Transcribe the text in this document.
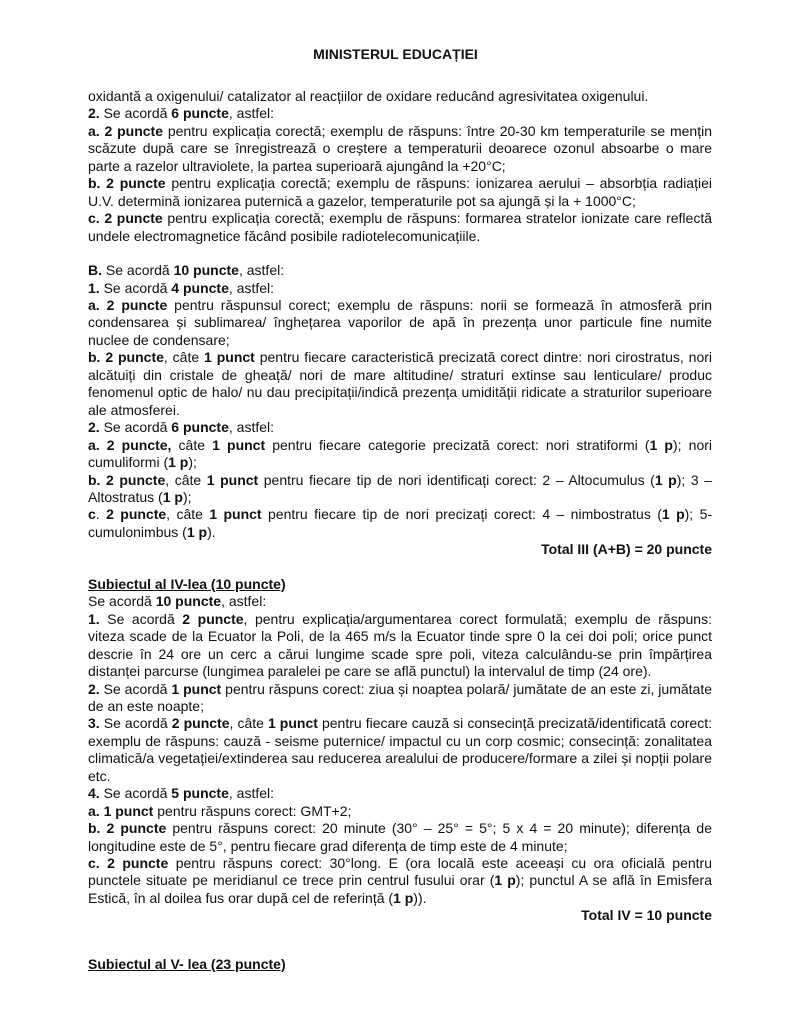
MINISTERUL EDUCAȚIEI
oxidantă a oxigenului/ catalizator al reacțiilor de oxidare reducând agresivitatea oxigenului.
2. Se acordă 6 puncte, astfel:
a. 2 puncte pentru explicația corectă; exemplu de răspuns: între 20-30 km temperaturile se mențin scăzute după care se înregistrează o creștere a temperaturii deoarece ozonul absoarbe o mare parte a razelor ultraviolete, la partea superioară ajungând la +20°C;
b. 2 puncte pentru explicația corectă; exemplu de răspuns: ionizarea aerului – absorbția radiației U.V. determină ionizarea puternică a gazelor, temperaturile pot sa ajungă și la + 1000°C;
c. 2 puncte pentru explicația corectă; exemplu de răspuns: formarea stratelor ionizate care reflectă undele electromagnetice făcând posibile radiotelecomunicațiile.
B. Se acordă 10 puncte, astfel:
1. Se acordă 4 puncte, astfel:
a. 2 puncte pentru răspunsul corect; exemplu de răspuns: norii se formează în atmosferă prin condensarea și sublimarea/ înghețarea vaporilor de apă în prezența unor particule fine numite nuclee de condensare;
b. 2 puncte, câte 1 punct pentru fiecare caracteristică precizată corect dintre: nori cirostratus, nori alcătuiți din cristale de gheață/ nori de mare altitudine/ straturi extinse sau lenticulare/ produc fenomenul optic de halo/ nu dau precipitații/indică prezența umidității ridicate a straturilor superioare ale atmosferei.
2. Se acordă 6 puncte, astfel:
a. 2 puncte, câte 1 punct pentru fiecare categorie precizată corect: nori stratiformi (1 p); nori cumuliformi (1 p);
b. 2 puncte, câte 1 punct pentru fiecare tip de nori identificați corect: 2 – Altocumulus (1 p); 3 – Altostratus (1 p);
c. 2 puncte, câte 1 punct pentru fiecare tip de nori precizați corect: 4 – nimbostratus (1 p); 5-cumulonimbus (1 p).
Total III (A+B) = 20 puncte
Subiectul al IV-lea (10 puncte)
Se acordă 10 puncte, astfel:
1. Se acordă 2 puncte, pentru explicația/argumentarea corect formulată; exemplu de răspuns: viteza scade de la Ecuator la Poli, de la 465 m/s la Ecuator tinde spre 0 la cei doi poli; orice punct descrie în 24 ore un cerc a cărui lungime scade spre poli, viteza calculându-se prin împărțirea distanței parcurse (lungimea paralelei pe care se află punctul) la intervalul de timp (24 ore).
2. Se acordă 1 punct pentru răspuns corect: ziua și noaptea polară/ jumătate de an este zi, jumătate de an este noapte;
3. Se acordă 2 puncte, câte 1 punct pentru fiecare cauză si consecință precizată/identificată corect: exemplu de răspuns: cauză - seisme puternice/ impactul cu un corp cosmic; consecință: zonalitatea climatică/a vegetației/extinderea sau reducerea arealului de producere/formare a zilei și nopții polare etc.
4. Se acordă 5 puncte, astfel:
a. 1 punct pentru răspuns corect: GMT+2;
b. 2 puncte pentru răspuns corect: 20 minute (30° – 25° = 5°; 5 x 4 = 20 minute); diferența de longitudine este de 5°, pentru fiecare grad diferența de timp este de 4 minute;
c. 2 puncte pentru răspuns corect: 30°long. E (ora locală este aceeași cu ora oficială pentru punctele situate pe meridianul ce trece prin centrul fusului orar (1 p); punctul A se află în Emisfera Estică, în al doilea fus orar după cel de referință (1 p)).
Total IV = 10 puncte
Subiectul al V- lea (23 puncte)
